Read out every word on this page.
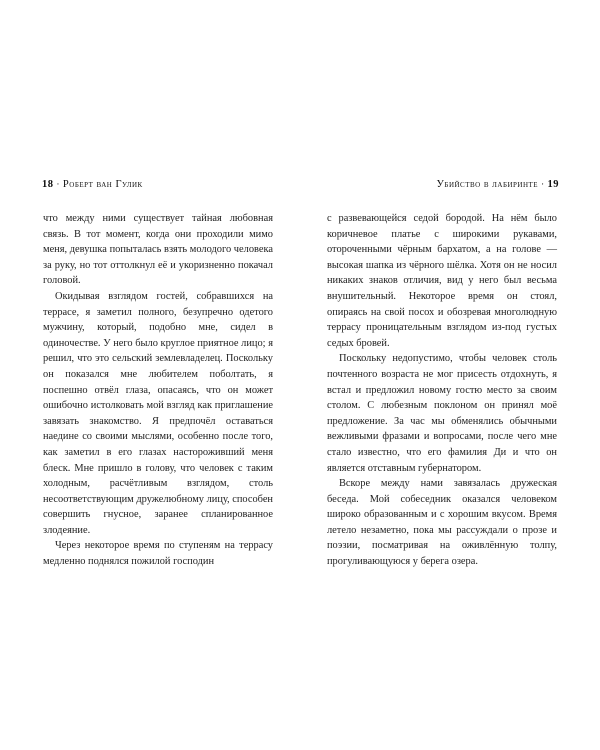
18 · Роберт ван Гулик	Убийство в лабиринте · 19

что между ними существует тайная любовная связь. В тот момент, когда они проходили мимо меня, девушка попыталась взять молодого человека за руку, но тот оттолкнул её и укоризненно покачал головой.

Окидывая взглядом гостей, собравшихся на террасе, я заметил полного, безупречно одетого мужчину, который, подобно мне, сидел в одиночестве. У него было круглое приятное лицо; я решил, что это сельский землевладелец. Поскольку он показался мне любителем поболтать, я поспешно отвёл глаза, опасаясь, что он может ошибочно истолковать мой взгляд как приглашение завязать знакомство. Я предпочёл оставаться наедине со своими мыслями, особенно после того, как заметил в его глазах настороживший меня блеск. Мне пришло в голову, что человек с таким холодным, расчётливым взглядом, столь несоответствующим дружелюбному лицу, способен совершить гнусное, заранее спланированное злодеяние.

Через некоторое время по ступеням на террасу медленно поднялся пожилой господин

с развевающейся седой бородой. На нём было коричневое платье с широкими рукавами, отороченными чёрным бархатом, а на голове — высокая шапка из чёрного шёлка. Хотя он не носил никаких знаков отличия, вид у него был весьма внушительный. Некоторое время он стоял, опираясь на свой посох и обозревая многолюдную террасу проницательным взглядом из-под густых седых бровей.

Поскольку недопустимо, чтобы человек столь почтенного возраста не мог присесть отдохнуть, я встал и предложил новому гостю место за своим столом. С любезным поклоном он принял моё предложение. За час мы обменялись обычными вежливыми фразами и вопросами, после чего мне стало известно, что его фамилия Ди и что он является отставным губернатором.

Вскоре между нами завязалась дружеская беседа. Мой собеседник оказался человеком широко образованным и с хорошим вкусом. Время летело незаметно, пока мы рассуждали о прозе и поэзии, посматривая на оживлённую толпу, прогуливающуюся у берега озера.
